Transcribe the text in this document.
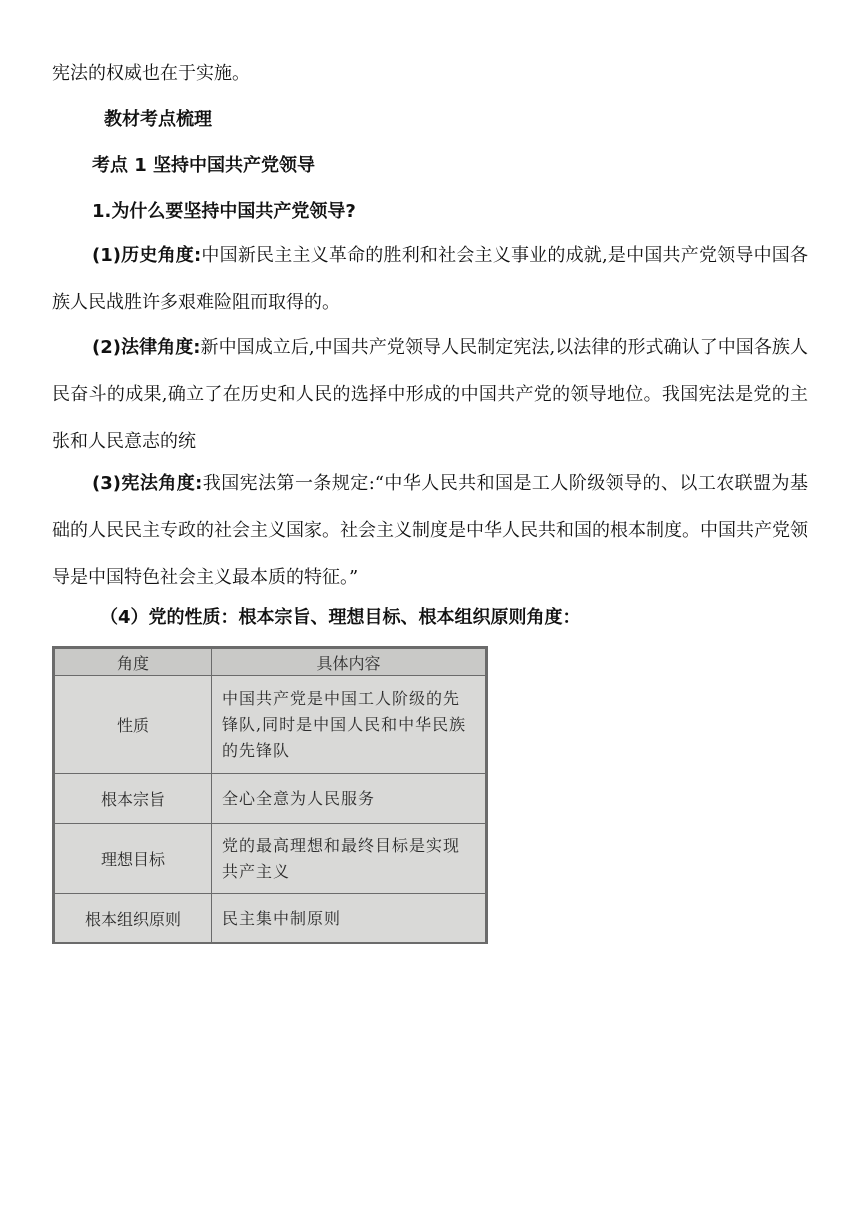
宪法的权威也在于实施。
教材考点梳理
考点 1 坚持中国共产党领导
1.为什么要坚持中国共产党领导?
(1)历史角度:中国新民主主义革命的胜利和社会主义事业的成就,是中国共产党领导中国各族人民战胜许多艰难险阻而取得的。
(2)法律角度:新中国成立后,中国共产党领导人民制定宪法,以法律的形式确认了中国各族人民奋斗的成果,确立了在历史和人民的选择中形成的中国共产党的领导地位。我国宪法是党的主张和人民意志的统
(3)宪法角度:我国宪法第一条规定:“中华人民共和国是工人阶级领导的、以工农联盟为基础的人民民主专政的社会主义国家。社会主义制度是中华人民共和国的根本制度。中国共产党领导是中国特色社会主义最本质的特征。”
（4）党的性质：根本宗旨、理想目标、根本组织原则角度：
角度	具体内容
性质	中国共产党是中国工人阶级的先锋队,同时是中国人民和中华民族的先锋队
根本宗旨	全心全意为人民服务
理想目标	党的最高理想和最终目标是实现共产主义
根本组织原则	民主集中制原则
